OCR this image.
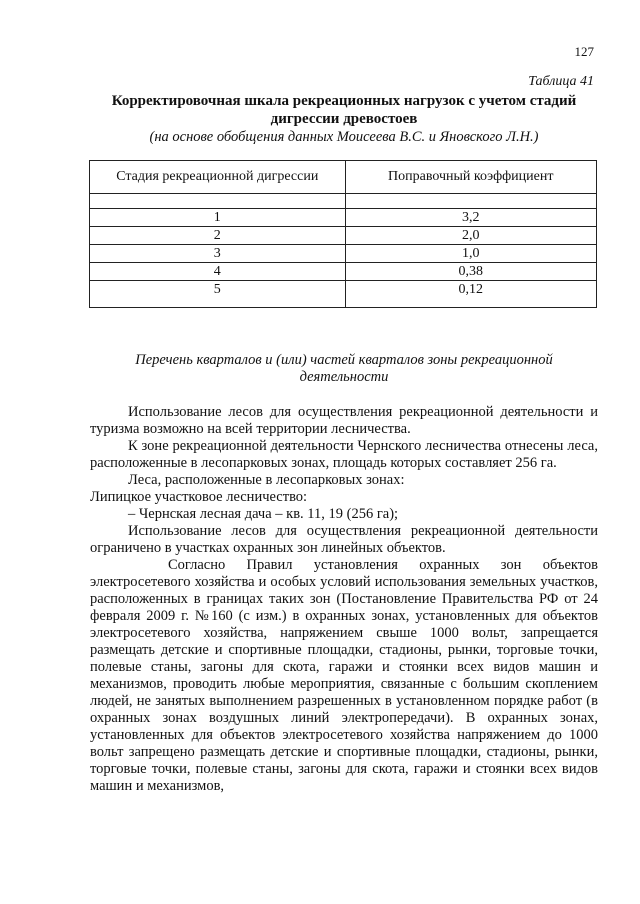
127
Таблица 41
Корректировочная шкала рекреационных нагрузок с учетом стадий дигрессии древостоев
(на основе обобщения данных Моисеева В.С. и Яновского Л.Н.)
Стадия рекреационной дигрессии	Поправочный коэффициент

1	3,2
2	2,0
3	1,0
4	0,38
5	0,12
Перечень кварталов и (или) частей кварталов зоны рекреационной деятельности

Использование лесов для осуществления рекреационной деятельности и туризма возможно на всей территории лесничества.

К зоне рекреационной деятельности Чернского лесничества отнесены леса, расположенные в лесопарковых зонах, площадь которых составляет 256 га.

Леса, расположенные в лесопарковых зонах:

Липицкое участковое лесничество:

– Чернская лесная дача – кв. 11, 19 (256 га);

Использование лесов для осуществления рекреационной деятельности ограничено в участках охранных зон линейных объектов.

Согласно Правил установления охранных зон объектов электросетевого хозяйства и особых условий использования земельных участков, расположенных в границах таких зон (Постановление Правительства РФ от 24 февраля 2009 г. №160 (с изм.) в охранных зонах, установленных для объектов электросетевого хозяйства, напряжением свыше 1000 вольт, запрещается размещать детские и спортивные площадки, стадионы, рынки, торговые точки, полевые станы, загоны для скота, гаражи и стоянки всех видов машин и механизмов, проводить любые мероприятия, связанные с большим скоплением людей, не занятых выполнением разрешенных в установленном порядке работ (в охранных зонах воздушных линий электропередачи). В охранных зонах, установленных для объектов электросетевого хозяйства напряжением до 1000 вольт запрещено размещать детские и спортивные площадки, стадионы, рынки, торговые точки, полевые станы, загоны для скота, гаражи и стоянки всех видов машин и механизмов,
